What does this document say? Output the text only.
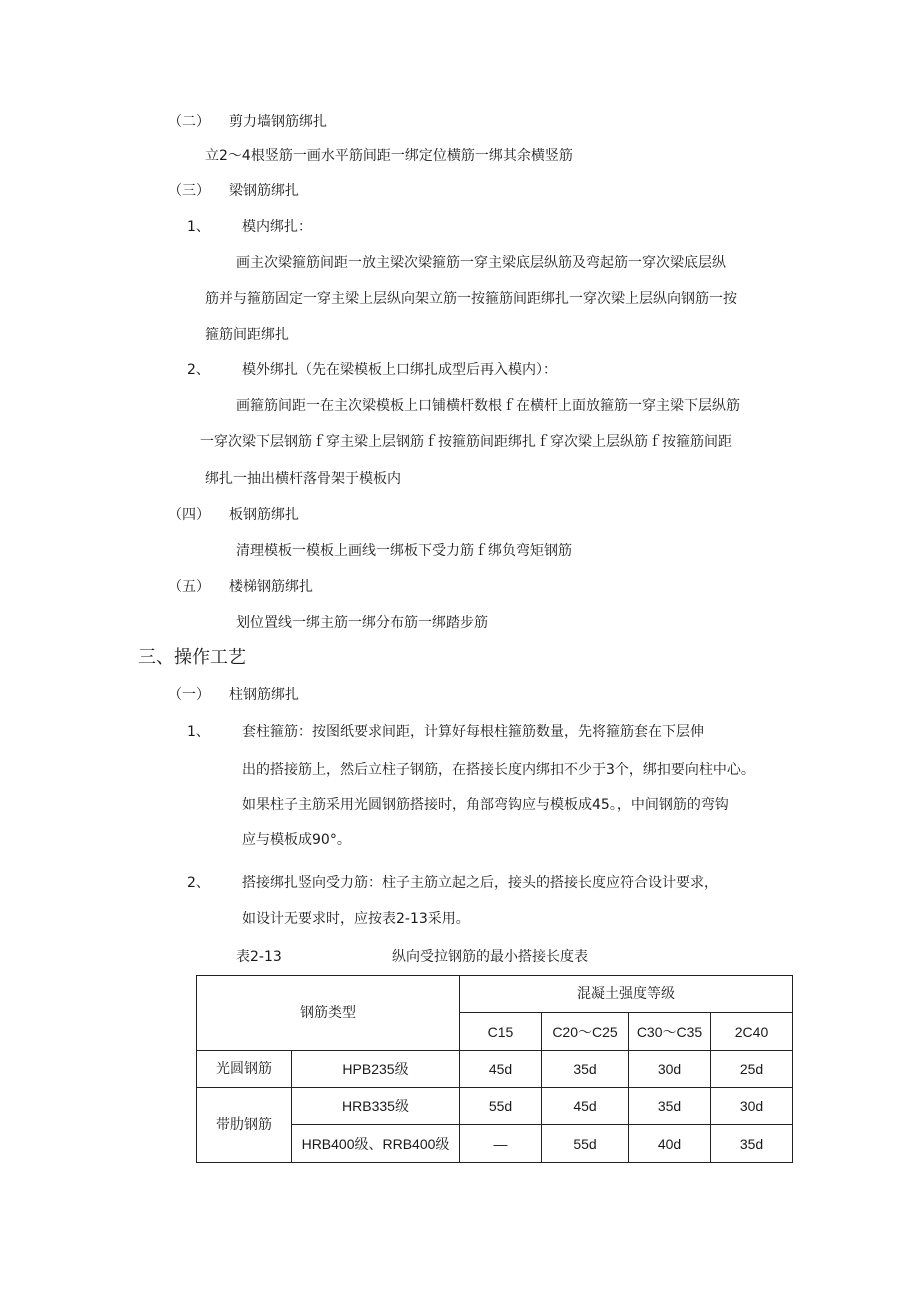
（二） 剪力墙钢筋绑扎
立2～4根竖筋一画水平筋间距一绑定位横筋一绑其余横竖筋
（三） 梁钢筋绑扎
1、 模内绑扎：
画主次梁箍筋间距一放主梁次梁箍筋一穿主梁底层纵筋及弯起筋一穿次梁底层纵
筋并与箍筋固定一穿主梁上层纵向架立筋一按箍筋间距绑扎一穿次梁上层纵向钢筋一按
箍筋间距绑扎
2、 模外绑扎（先在梁模板上口绑扎成型后再入模内）：
画箍筋间距一在主次梁模板上口铺横杆数根ｆ在横杆上面放箍筋一穿主梁下层纵筋
一穿次梁下层钢筋ｆ穿主梁上层钢筋ｆ按箍筋间距绑扎ｆ穿次梁上层纵筋ｆ按箍筋间距
绑扎一抽出横杆落骨架于模板内
（四） 板钢筋绑扎
清理模板一模板上画线一绑板下受力筋ｆ绑负弯矩钢筋
（五） 楼梯钢筋绑扎
划位置线一绑主筋一绑分布筋一绑踏步筋
三、操作工艺
（一） 柱钢筋绑扎
1、 套柱箍筋：按图纸要求间距，计算好每根柱箍筋数量，先将箍筋套在下层伸
出的搭接筋上，然后立柱子钢筋，在搭接长度内绑扣不少于3个，绑扣要向柱中心。
如果柱子主筋采用光圆钢筋搭接时，角部弯钩应与模板成45。，中间钢筋的弯钩
应与模板成90°。
2、 搭接绑扎竖向受力筋：柱子主筋立起之后，接头的搭接长度应符合设计要求，
如设计无要求时，应按表2-13采用。
表2-13	纵向受拉钢筋的最小搭接长度表
钢筋类型		混凝土强度等级			
		C15	C20～C25	C30～C35	2C40
光圆钢筋	HPB235级	45d	35d	30d	25d
带肋钢筋	HRB335级	55d	45d	35d	30d
	HRB400级、RRB400级	—	55d	40d	35d
